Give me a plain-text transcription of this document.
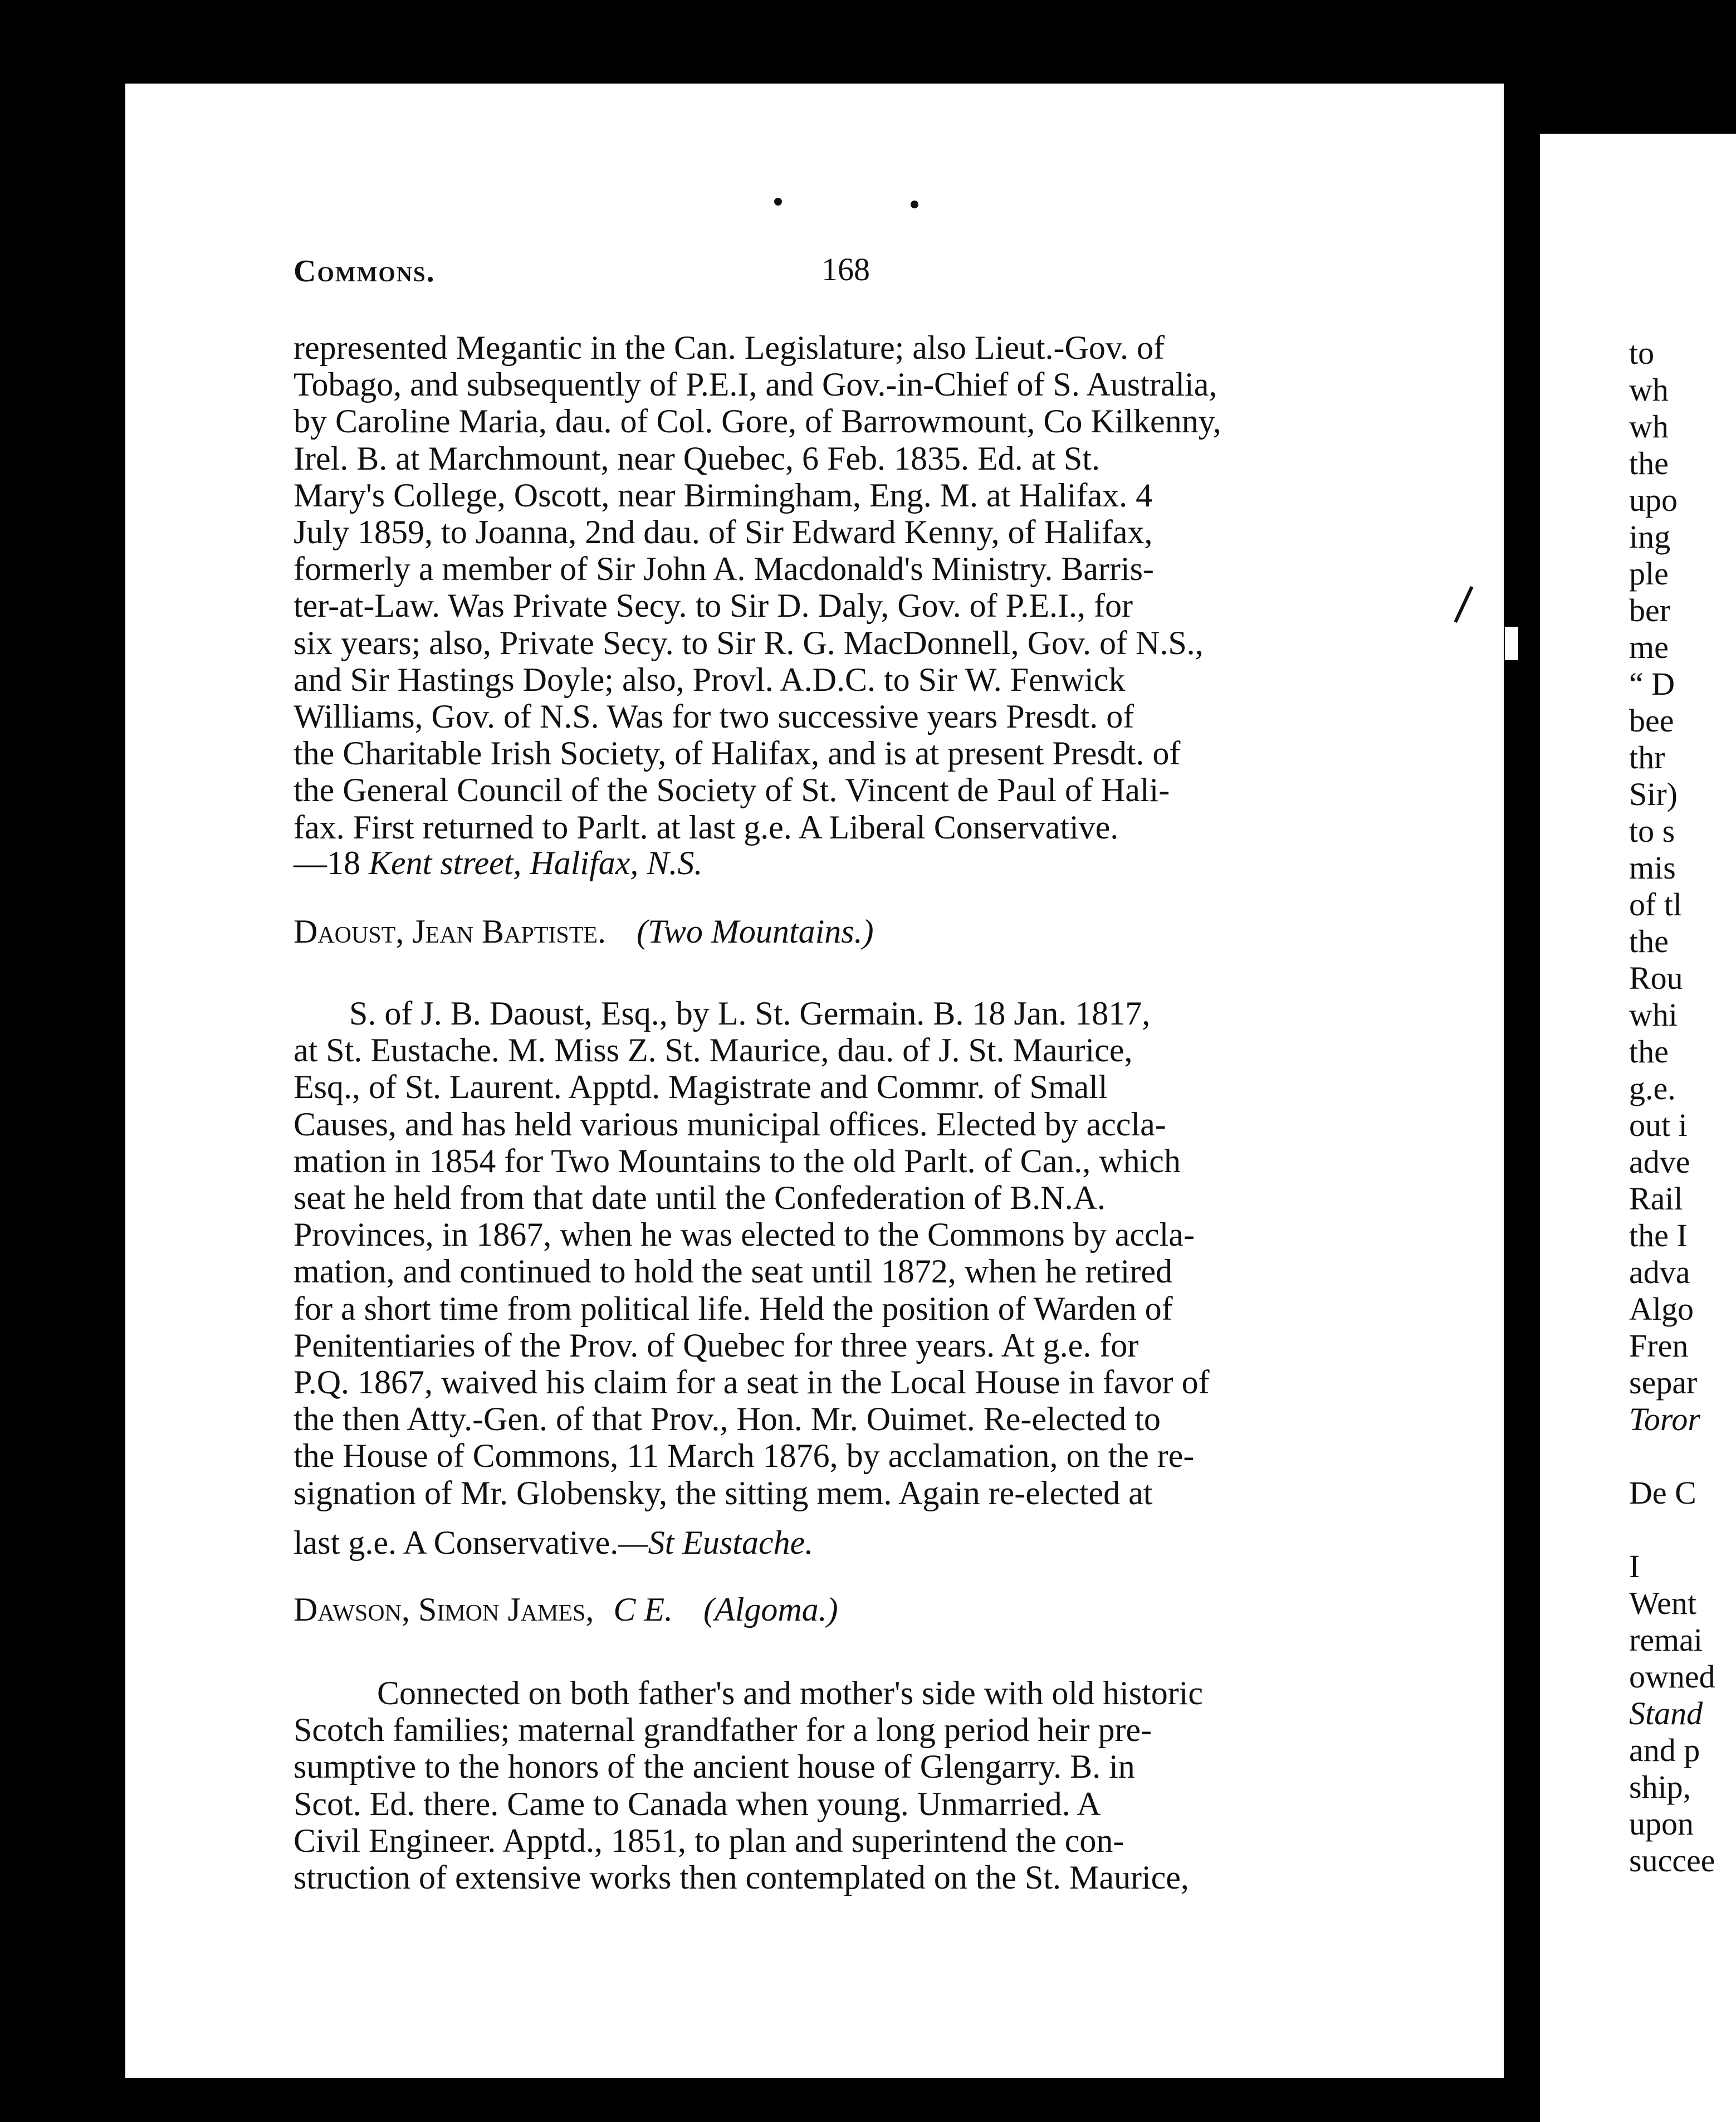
Commons.	168
represented Megantic in the Can. Legislature; also Lieut.-Gov. of
Tobago, and subsequently of P.E.I, and Gov.-in-Chief of S. Australia,
by Caroline Maria, dau. of Col. Gore, of Barrowmount, Co Kilkenny,
Irel. B. at Marchmount, near Quebec, 6 Feb. 1835. Ed. at St.
Mary's College, Oscott, near Birmingham, Eng. M. at Halifax. 4
July 1859, to Joanna, 2nd dau. of Sir Edward Kenny, of Halifax,
formerly a member of Sir John A. Macdonald's Ministry. Barris-
ter-at-Law. Was Private Secy. to Sir D. Daly, Gov. of P.E.I., for
six years; also, Private Secy. to Sir R. G. MacDonnell, Gov. of N.S.,
and Sir Hastings Doyle; also, Provl. A.D.C. to Sir W. Fenwick
Williams, Gov. of N.S. Was for two successive years Presdt. of
the Charitable Irish Society, of Halifax, and is at present Presdt. of
the General Council of the Society of St. Vincent de Paul of Hali-
fax. First returned to Parlt. at last g.e. A Liberal Conservative.
—18 Kent street, Halifax, N.S.
Daoust, Jean Baptiste. (Two Mountains.)
S. of J. B. Daoust, Esq., by L. St. Germain. B. 18 Jan. 1817,
at St. Eustache. M. Miss Z. St. Maurice, dau. of J. St. Maurice,
Esq., of St. Laurent. Apptd. Magistrate and Commr. of Small
Causes, and has held various municipal offices. Elected by accla-
mation in 1854 for Two Mountains to the old Parlt. of Can., which
seat he held from that date until the Confederation of B.N.A.
Provinces, in 1867, when he was elected to the Commons by accla-
mation, and continued to hold the seat until 1872, when he retired
for a short time from political life. Held the position of Warden of
Penitentiaries of the Prov. of Quebec for three years. At g.e. for
P.Q. 1867, waived his claim for a seat in the Local House in favor of
the then Atty.-Gen. of that Prov., Hon. Mr. Ouimet. Re-elected to
the House of Commons, 11 March 1876, by acclamation, on the re-
signation of Mr. Globensky, the sitting mem. Again re-elected at
last g.e. A Conservative.—St Eustache.
Dawson, Simon James, C E. (Algoma.)
Connected on both father's and mother's side with old historic
Scotch families; maternal grandfather for a long period heir pre-
sumptive to the honors of the ancient house of Glengarry. B. in
Scot. Ed. there. Came to Canada when young. Unmarried. A
Civil Engineer. Apptd., 1851, to plan and superintend the con-
struction of extensive works then contemplated on the St. Maurice,
to
wh
wh
the
upo
ing
ple
ber
me
“ D
bee
thr
Sir)
to s
mis
of tl
the
Rou
whi
the
g.e.
out i
adve
Rail
the I
adva
Algo
Fren
separ
Toror
De C
I
Went
remai
owned
Stand
and p
ship,
upon
succee
